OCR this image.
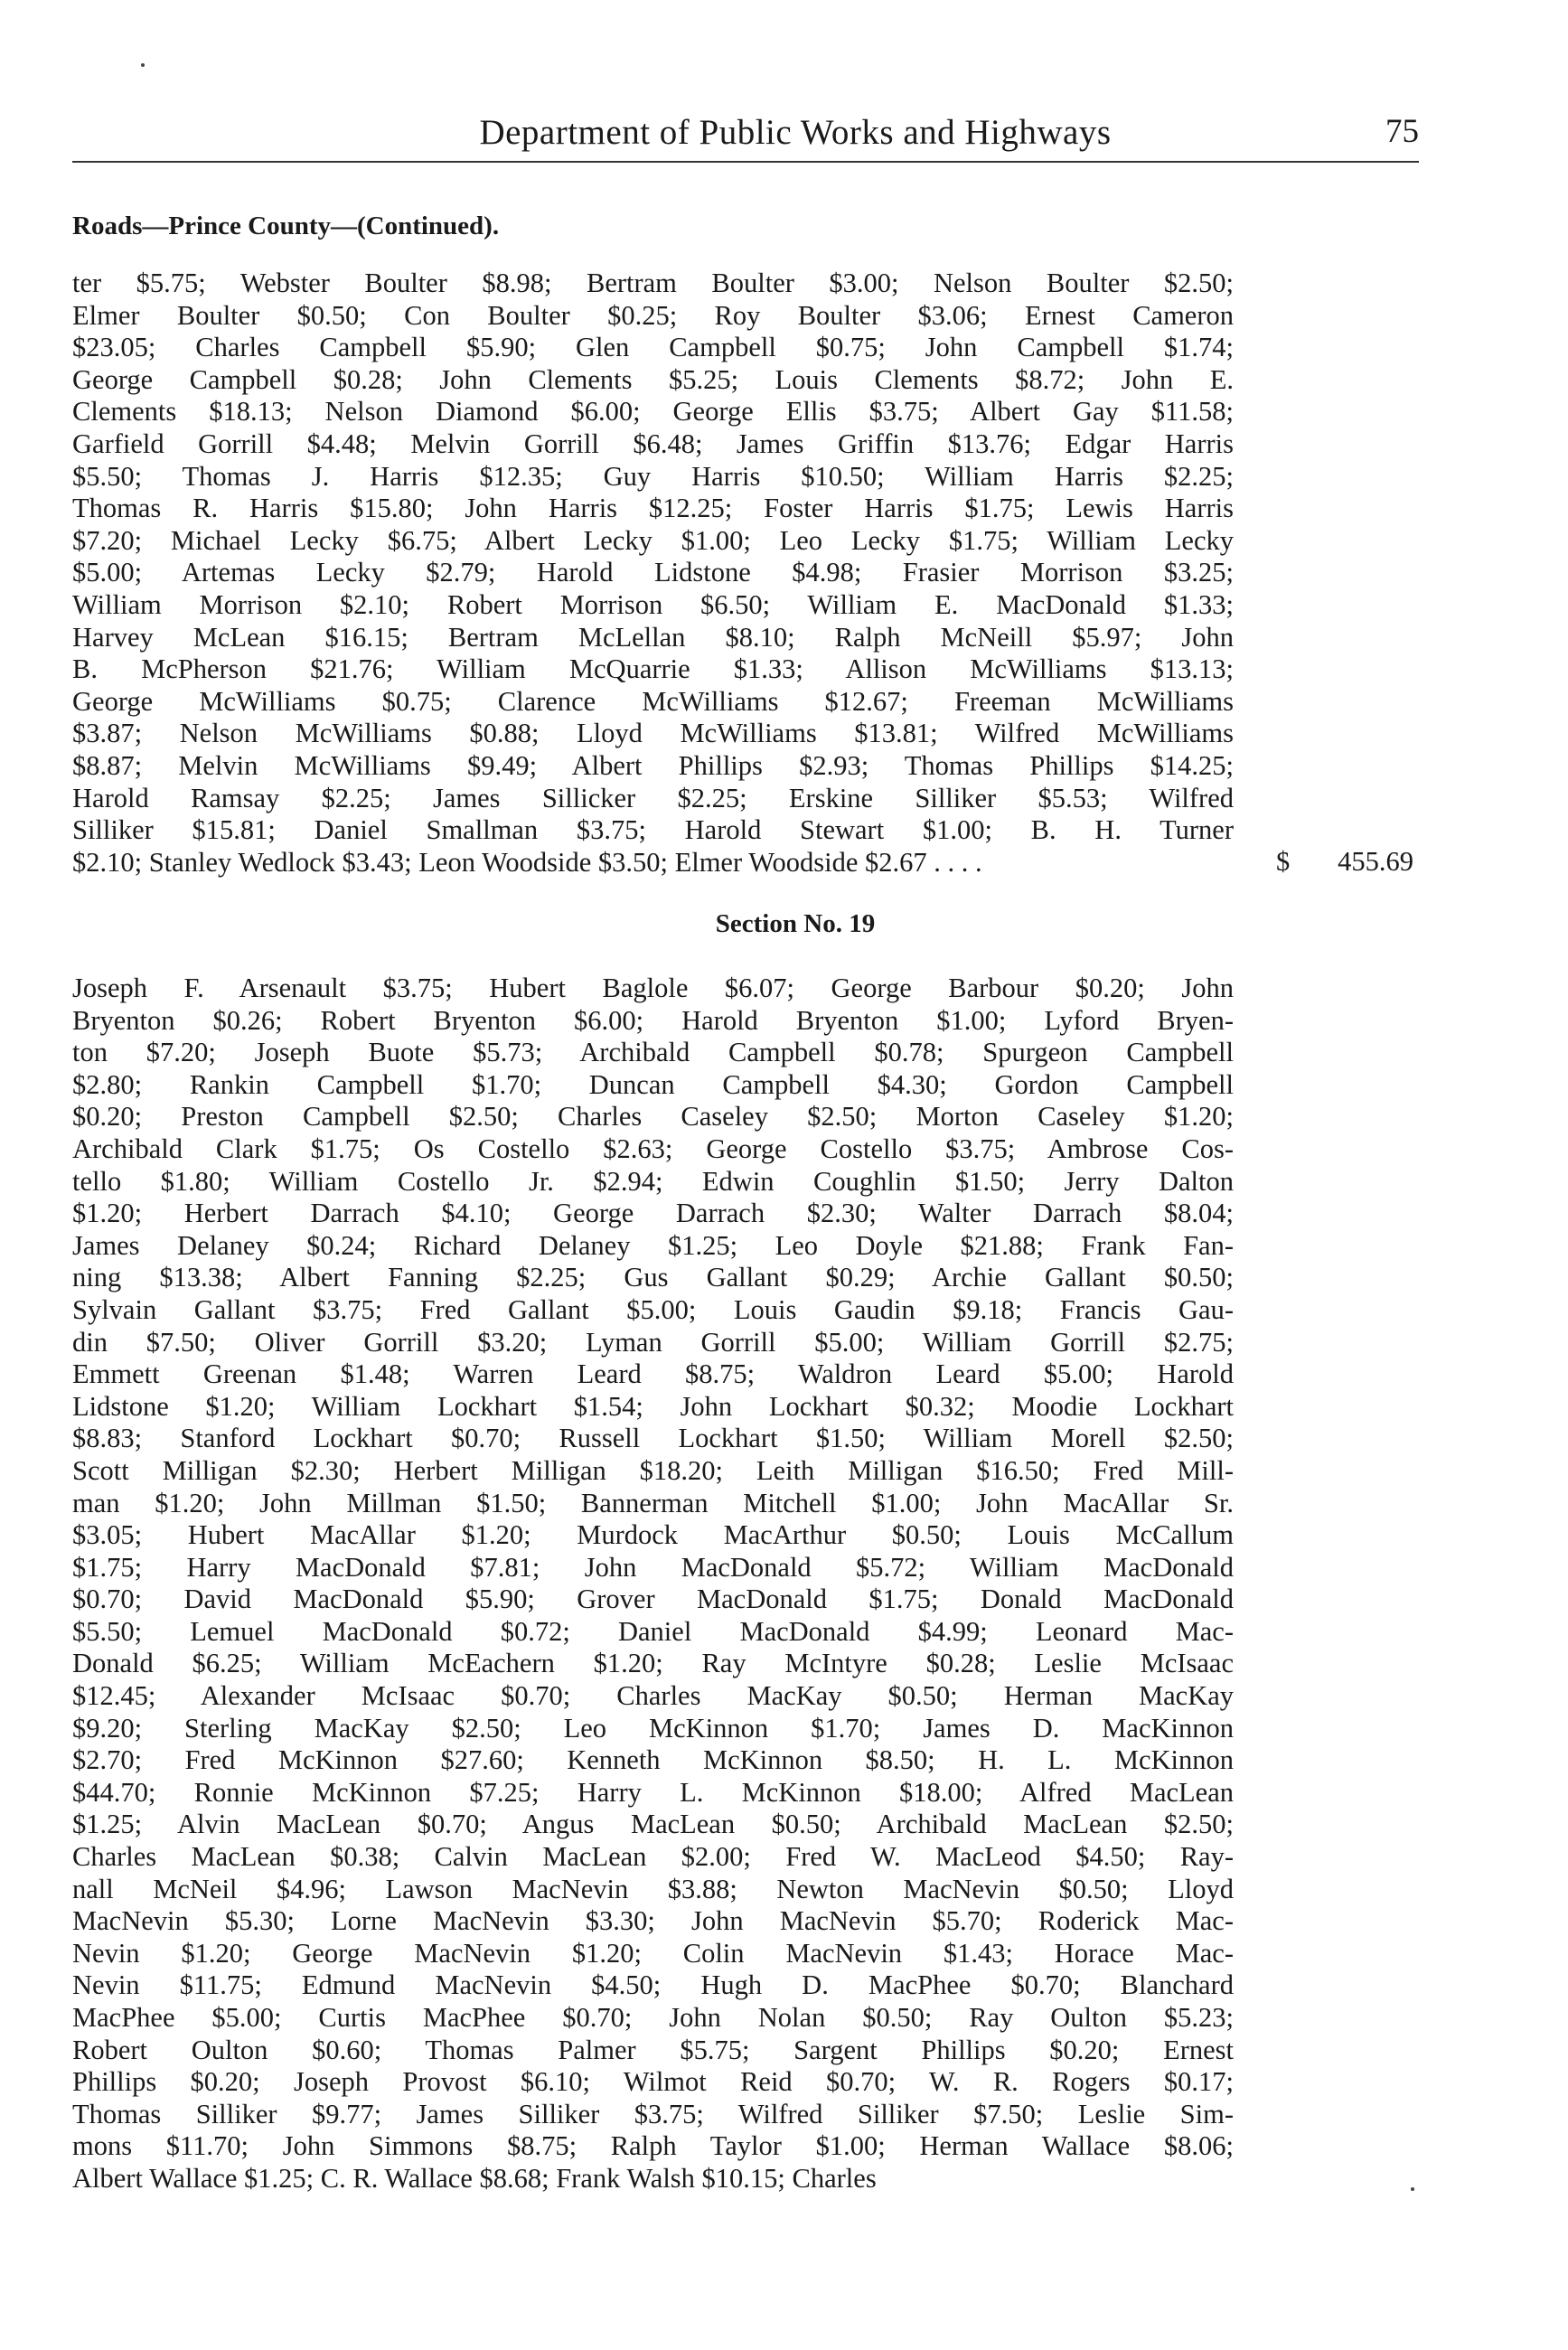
Department of Public Works and Highways	75
Roads—Prince County—(Continued).
ter $5.75; Webster Boulter $8.98; Bertram Boulter $3.00; Nelson Boulter $2.50;
Elmer Boulter $0.50; Con Boulter $0.25; Roy Boulter $3.06; Ernest Cameron
$23.05; Charles Campbell $5.90; Glen Campbell $0.75; John Campbell $1.74;
George Campbell $0.28; John Clements $5.25; Louis Clements $8.72; John E.
Clements $18.13; Nelson Diamond $6.00; George Ellis $3.75; Albert Gay $11.58;
Garfield Gorrill $4.48; Melvin Gorrill $6.48; James Griffin $13.76; Edgar Harris
$5.50; Thomas J. Harris $12.35; Guy Harris $10.50; William Harris $2.25;
Thomas R. Harris $15.80; John Harris $12.25; Foster Harris $1.75; Lewis Harris
$7.20; Michael Lecky $6.75; Albert Lecky $1.00; Leo Lecky $1.75; William Lecky
$5.00; Artemas Lecky $2.79; Harold Lidstone $4.98; Frasier Morrison $3.25;
William Morrison $2.10; Robert Morrison $6.50; William E. MacDonald $1.33;
Harvey McLean $16.15; Bertram McLellan $8.10; Ralph McNeill $5.97; John
B. McPherson $21.76; William McQuarrie $1.33; Allison McWilliams $13.13;
George McWilliams $0.75; Clarence McWilliams $12.67; Freeman McWilliams
$3.87; Nelson McWilliams $0.88; Lloyd McWilliams $13.81; Wilfred McWilliams
$8.87; Melvin McWilliams $9.49; Albert Phillips $2.93; Thomas Phillips $14.25;
Harold Ramsay $2.25; James Sillicker $2.25; Erskine Silliker $5.53; Wilfred
Silliker $15.81; Daniel Smallman $3.75; Harold Stewart $1.00; B. H. Turner
$2.10; Stanley Wedlock $3.43; Leon Woodside $3.50; Elmer Woodside $2.67 . . . .	$ 455.69
Section No. 19
Joseph F. Arsenault $3.75; Hubert Baglole $6.07; George Barbour $0.20; John
Bryenton $0.26; Robert Bryenton $6.00; Harold Bryenton $1.00; Lyford Bryen-
ton $7.20; Joseph Buote $5.73; Archibald Campbell $0.78; Spurgeon Campbell
$2.80; Rankin Campbell $1.70; Duncan Campbell $4.30; Gordon Campbell
$0.20; Preston Campbell $2.50; Charles Caseley $2.50; Morton Caseley $1.20;
Archibald Clark $1.75; Os Costello $2.63; George Costello $3.75; Ambrose Cos-
tello $1.80; William Costello Jr. $2.94; Edwin Coughlin $1.50; Jerry Dalton
$1.20; Herbert Darrach $4.10; George Darrach $2.30; Walter Darrach $8.04;
James Delaney $0.24; Richard Delaney $1.25; Leo Doyle $21.88; Frank Fan-
ning $13.38; Albert Fanning $2.25; Gus Gallant $0.29; Archie Gallant $0.50;
Sylvain Gallant $3.75; Fred Gallant $5.00; Louis Gaudin $9.18; Francis Gau-
din $7.50; Oliver Gorrill $3.20; Lyman Gorrill $5.00; William Gorrill $2.75;
Emmett Greenan $1.48; Warren Leard $8.75; Waldron Leard $5.00; Harold
Lidstone $1.20; William Lockhart $1.54; John Lockhart $0.32; Moodie Lockhart
$8.83; Stanford Lockhart $0.70; Russell Lockhart $1.50; William Morell $2.50;
Scott Milligan $2.30; Herbert Milligan $18.20; Leith Milligan $16.50; Fred Mill-
man $1.20; John Millman $1.50; Bannerman Mitchell $1.00; John MacAllar Sr.
$3.05; Hubert MacAllar $1.20; Murdock MacArthur $0.50; Louis McCallum
$1.75; Harry MacDonald $7.81; John MacDonald $5.72; William MacDonald
$0.70; David MacDonald $5.90; Grover MacDonald $1.75; Donald MacDonald
$5.50; Lemuel MacDonald $0.72; Daniel MacDonald $4.99; Leonard Mac-
Donald $6.25; William McEachern $1.20; Ray McIntyre $0.28; Leslie McIsaac
$12.45; Alexander McIsaac $0.70; Charles MacKay $0.50; Herman MacKay
$9.20; Sterling MacKay $2.50; Leo McKinnon $1.70; James D. MacKinnon
$2.70; Fred McKinnon $27.60; Kenneth McKinnon $8.50; H. L. McKinnon
$44.70; Ronnie McKinnon $7.25; Harry L. McKinnon $18.00; Alfred MacLean
$1.25; Alvin MacLean $0.70; Angus MacLean $0.50; Archibald MacLean $2.50;
Charles MacLean $0.38; Calvin MacLean $2.00; Fred W. MacLeod $4.50; Ray-
nall McNeil $4.96; Lawson MacNevin $3.88; Newton MacNevin $0.50; Lloyd
MacNevin $5.30; Lorne MacNevin $3.30; John MacNevin $5.70; Roderick Mac-
Nevin $1.20; George MacNevin $1.20; Colin MacNevin $1.43; Horace Mac-
Nevin $11.75; Edmund MacNevin $4.50; Hugh D. MacPhee $0.70; Blanchard
MacPhee $5.00; Curtis MacPhee $0.70; John Nolan $0.50; Ray Oulton $5.23;
Robert Oulton $0.60; Thomas Palmer $5.75; Sargent Phillips $0.20; Ernest
Phillips $0.20; Joseph Provost $6.10; Wilmot Reid $0.70; W. R. Rogers $0.17;
Thomas Silliker $9.77; James Silliker $3.75; Wilfred Silliker $7.50; Leslie Sim-
mons $11.70; John Simmons $8.75; Ralph Taylor $1.00; Herman Wallace $8.06;
Albert Wallace $1.25; C. R. Wallace $8.68; Frank Walsh $10.15; Charles
